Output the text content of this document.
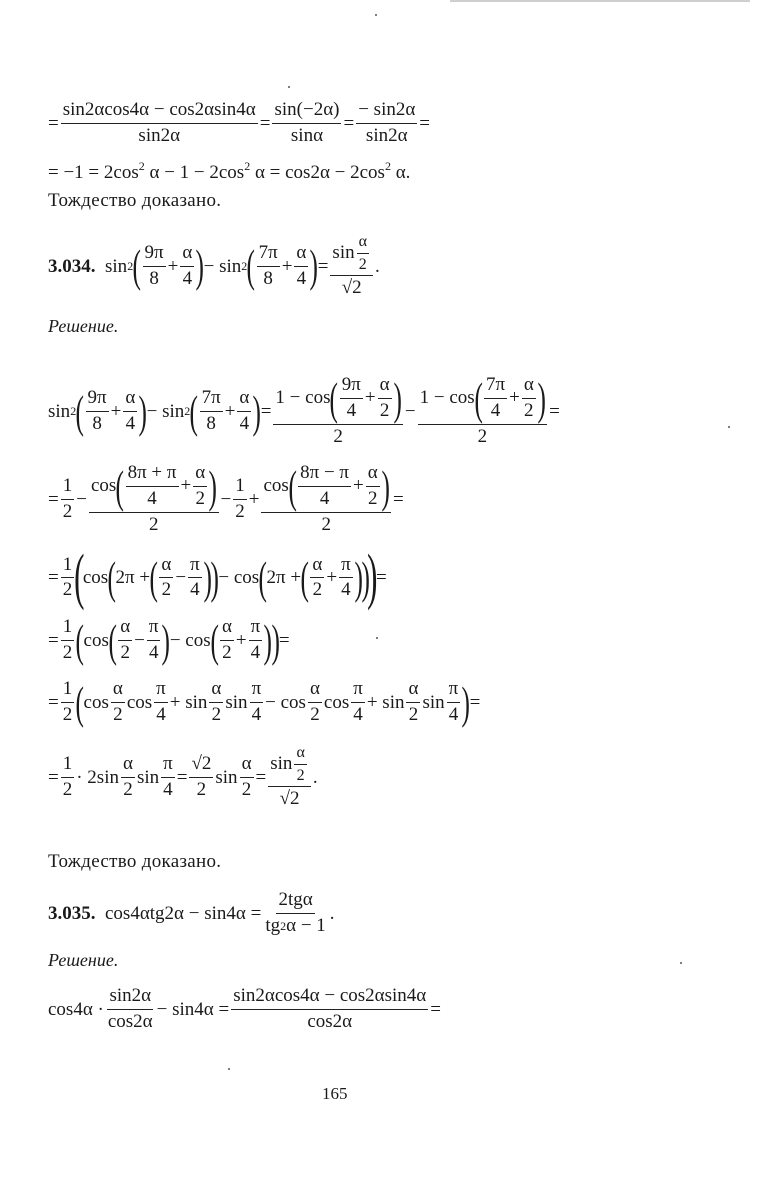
=
sin2αcos4α − cos2αsin4α
sin2α
=
sin(−2α)
sinα
=
− sin2α
sin2α
=
= $-1 = 2\cos^2$ $\alpha - 1 - 2\cos^2$ $\alpha = \cos 2\alpha - 2\cos^2$ α.
Тождество доказано.
3.034. sin 2 ( 9π
8
+
α
4 ) − sin 2 ( 7π
8
+
α
4 ) =
sin
α
2
√2
.
Решение.
sin 2 ( 9π
8
+
α
4 ) − sin 2 ( 7π
8
+
α
4 ) =
1 − cos ( 9π
4
+
α
2 )
2
−
1 − cos ( 7π
4
+
α
2 )
2
=
=
1
2
−
cos ( 8π + π
4
+
α
2 )
2
−
1
2
+
cos ( 8π − π
4
+
α
2 )
2
=
=
1
2 (
cos ( 2π + ( α
2
−
π
4 )
) − cos ( 2π + ( α
2
+
π
4 )
)
)
=
=
1
2 ( cos ( α
2
−
π
4 ) − cos ( α
2
+
π
4 )
) =
=
1
2 ( cos
α
2
cos
π
4
+ sin
α
2
sin
π
4
− cos
α
2
cos
π
4
+ sin
α
2
sin
π
4 ) =
=
1
2
· 2sin
α
2
sin
π
4
=
√2
2
sin
α
2
=
sin
α
2
√2
.
Тождество доказано.
3.035. cos4αtg2α − sin4α =
2tgα
tg 2 α − 1
.
Решение.
cos4α ·
sin2α
cos2α
− sin4α =
sin2αcos4α − cos2αsin4α
cos2α
=
165
